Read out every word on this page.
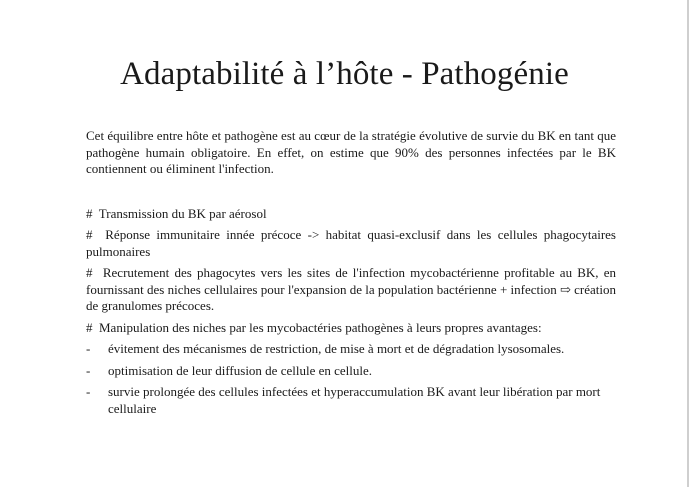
Adaptabilité à l’hôte - Pathogénie

Cet équilibre entre hôte et pathogène est au cœur de la stratégie évolutive de survie du BK en tant que pathogène humain obligatoire. En effet, on estime que 90% des personnes infectées par le BK contiennent ou éliminent l'infection.

# Transmission du BK par aérosol

# Réponse immunitaire innée précoce -> habitat quasi-exclusif dans les cellules phagocytaires pulmonaires

# Recrutement des phagocytes vers les sites de l'infection mycobactérienne profitable au BK, en fournissant des niches cellulaires pour l'expansion de la population bactérienne + infection ⇨ création de granulomes précoces.

# Manipulation des niches par les mycobactéries pathogènes à leurs propres avantages:

-	évitement des mécanismes de restriction, de mise à mort et de dégradation lysosomales.
-	optimisation de leur diffusion de cellule en cellule.
-	survie prolongée des cellules infectées et hyperaccumulation BK avant leur libération par mort cellulaire
